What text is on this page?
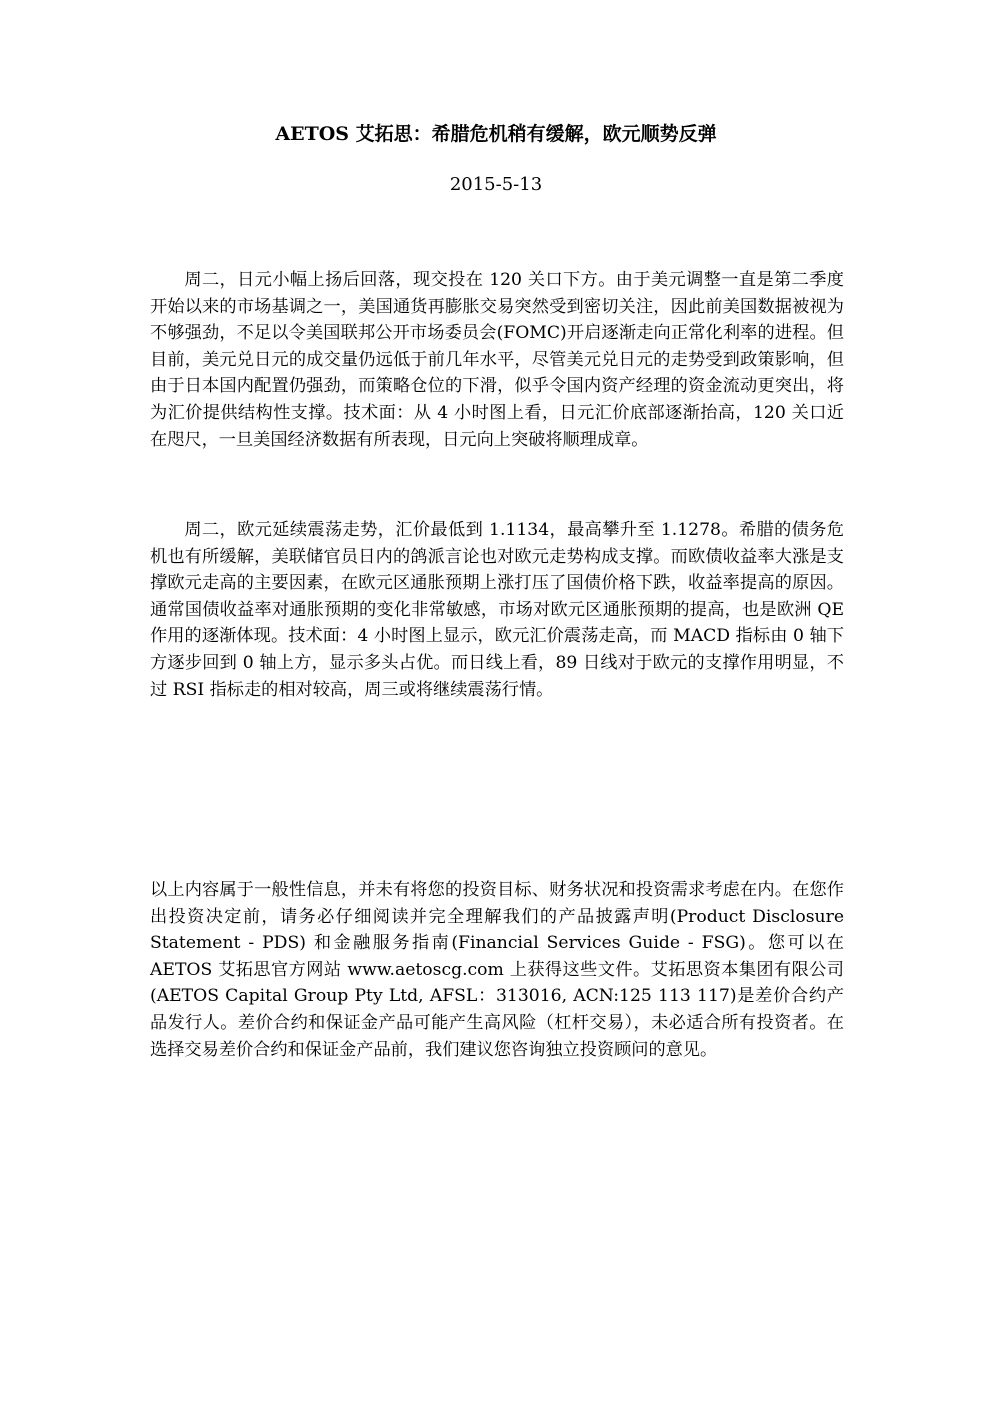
AETOS 艾拓思：希腊危机稍有缓解，欧元顺势反弹
2015-5-13

周二，日元小幅上扬后回落，现交投在 120 关口下方。由于美元调整一直是第二季度开始以来的市场基调之一，美国通货再膨胀交易突然受到密切关注，因此前美国数据被视为不够强劲，不足以令美国联邦公开市场委员会(FOMC)开启逐渐走向正常化利率的进程。但目前，美元兑日元的成交量仍远低于前几年水平，尽管美元兑日元的走势受到政策影响，但由于日本国内配置仍强劲，而策略仓位的下滑，似乎令国内资产经理的资金流动更突出，将为汇价提供结构性支撑。技术面：从 4 小时图上看，日元汇价底部逐渐抬高，120 关口近在咫尺，一旦美国经济数据有所表现，日元向上突破将顺理成章。

周二，欧元延续震荡走势，汇价最低到 1.1134，最高攀升至 1.1278。希腊的债务危机也有所缓解，美联储官员日内的鸽派言论也对欧元走势构成支撑。而欧债收益率大涨是支撑欧元走高的主要因素，在欧元区通胀预期上涨打压了国债价格下跌，收益率提高的原因。通常国债收益率对通胀预期的变化非常敏感，市场对欧元区通胀预期的提高，也是欧洲 QE 作用的逐渐体现。技术面：4 小时图上显示，欧元汇价震荡走高，而 MACD 指标由 0 轴下方逐步回到 0 轴上方，显示多头占优。而日线上看，89 日线对于欧元的支撑作用明显，不过 RSI 指标走的相对较高，周三或将继续震荡行情。

以上内容属于一般性信息，并未有将您的投资目标、财务状况和投资需求考虑在内。在您作出投资决定前，请务必仔细阅读并完全理解我们的产品披露声明(Product Disclosure Statement - PDS) 和金融服务指南(Financial Services Guide - FSG)。您可以在 AETOS 艾拓思官方网站 www.aetoscg.com 上获得这些文件。艾拓思资本集团有限公司(AETOS Capital Group Pty Ltd, AFSL：313016, ACN:125 113 117)是差价合约产品发行人。差价合约和保证金产品可能产生高风险（杠杆交易），未必适合所有投资者。在选择交易差价合约和保证金产品前，我们建议您咨询独立投资顾问的意见。
